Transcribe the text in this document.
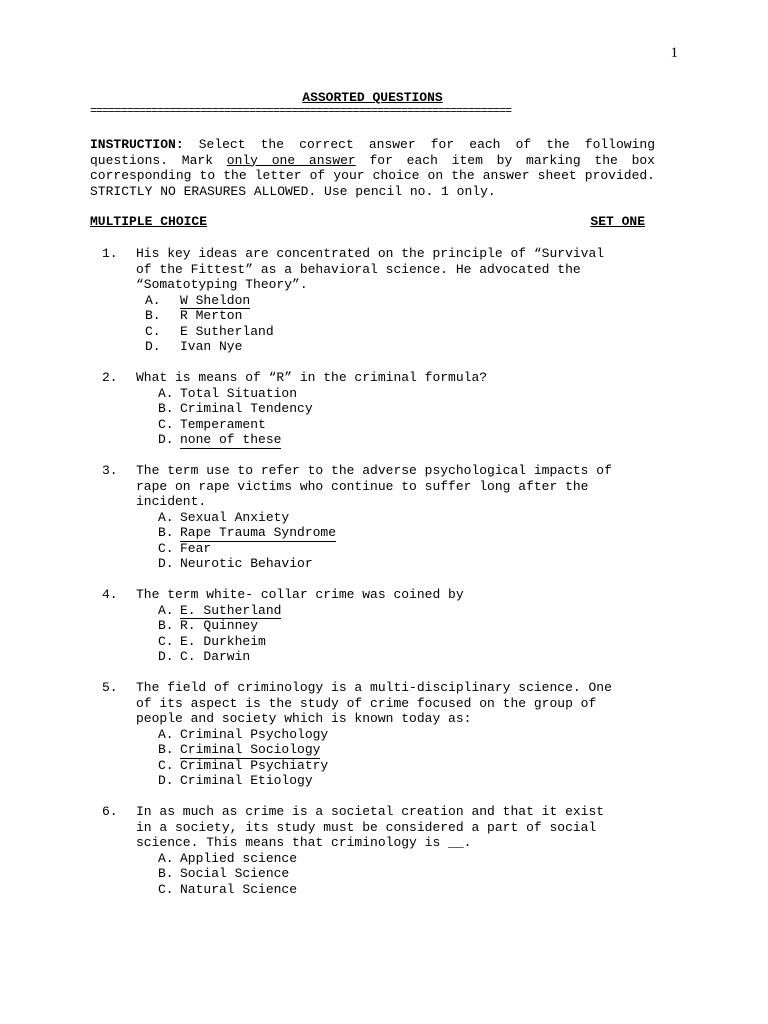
1
ASSORTED QUESTIONS
=====================================================================

INSTRUCTION: Select the correct answer for each of the following questions. Mark only one answer for each item by marking the box corresponding to the letter of your choice on the answer sheet provided. STRICTLY NO ERASURES ALLOWED. Use pencil no. 1 only.

MULTIPLE CHOICE	SET ONE
1. His key ideas are concentrated on the principle of “Survival
of the Fittest” as a behavioral science. He advocated the
“Somatotyping Theory”.
A. W Sheldon
B. R Merton
C. E Sutherland
D. Ivan Nye
2. What is means of “R” in the criminal formula?
A. Total Situation
B. Criminal Tendency
C. Temperament
D. none of these
3. The term use to refer to the adverse psychological impacts of
rape on rape victims who continue to suffer long after the
incident.
A. Sexual Anxiety
B. Rape Trauma Syndrome
C. Fear
D. Neurotic Behavior
4. The term white- collar crime was coined by
A. E. Sutherland
B. R. Quinney
C. E. Durkheim
D. C. Darwin
5. The field of criminology is a multi-disciplinary science. One
of its aspect is the study of crime focused on the group of
people and society which is known today as:
A. Criminal Psychology
B. Criminal Sociology
C. Criminal Psychiatry
D. Criminal Etiology
6. In as much as crime is a societal creation and that it exist
in a society, its study must be considered a part of social
science. This means that criminology is __.
A. Applied science
B. Social Science
C. Natural Science
